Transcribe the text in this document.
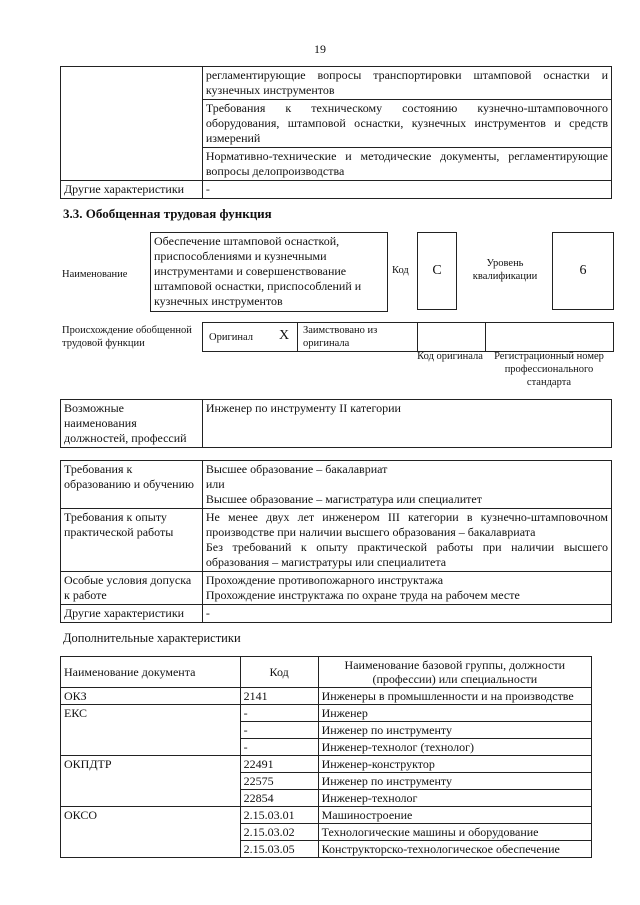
19
	регламентирующие вопросы транспортировки штамповой оснастки и кузнечных инструментов
	Требования к техническому состоянию кузнечно-штамповочного оборудования, штамповой оснастки, кузнечных инструментов и средств измерений
	Нормативно-технические и методические документы, регламентирующие вопросы делопроизводства
Другие характеристики	-
3.3. Обобщенная трудовая функция
Наименование
Обеспечение штамповой оснасткой, приспособлениями и кузнечными инструментами и совершенствование штамповой оснастки, приспособлений и кузнечных инструментов
Код	С	Уровень квалификации	6
Происхождение обобщенной трудовой функции
Оригинал X Заимствовано из оригинала
Код оригинала	Регистрационный номер профессионального стандарта
Возможные наименования должностей, профессий	Инженер по инструменту II категории
Требования к образованию и обучению	Высшее образование – бакалавриат
или
Высшее образование – магистратура или специалитет

Требования к опыту практической работы	Не менее двух лет инженером III категории в кузнечно-штамповочном производстве при наличии высшего образования – бакалавриата
Без требований к опыту практической работы при наличии высшего образования – магистратуры или специалитета

Особые условия допуска к работе	Прохождение противопожарного инструктажа
Прохождение инструктажа по охране труда на рабочем месте

Другие характеристики	-
Дополнительные характеристики
Наименование документа	Код	Наименование базовой группы, должности (профессии) или специальности
ОКЗ	2141	Инженеры в промышленности и на производстве
ЕКС	-	Инженер
	-	Инженер по инструменту
	-	Инженер-технолог (технолог)
ОКПДТР	22491	Инженер-конструктор
	22575	Инженер по инструменту
	22854	Инженер-технолог
ОКСО	2.15.03.01	Машиностроение
	2.15.03.02	Технологические машины и оборудование
	2.15.03.05	Конструкторско-технологическое обеспечение
